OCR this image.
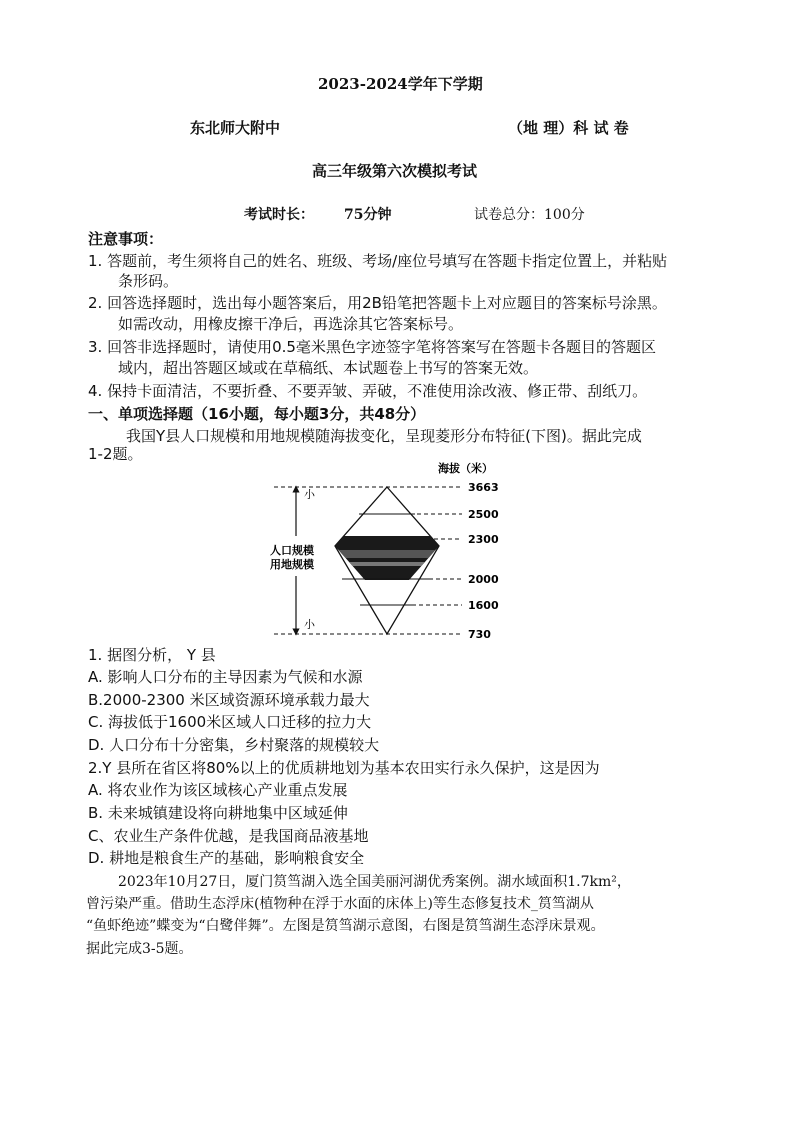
2023-2024学年下学期
东北师大附中	（地 理）科 试 卷
高三年级第六次模拟考试
考试时长： 75分钟	试卷总分：100分
注意事项：
1. 答题前，考生须将自己的姓名、班级、考场/座位号填写在答题卡指定位置上，并粘贴
条形码。
2. 回答选择题时，选出每小题答案后，用2B铅笔把答题卡上对应题目的答案标号涂黑。
如需改动，用橡皮擦干净后，再选涂其它答案标号。
3. 回答非选择题时，请使用0.5毫米黑色字迹签字笔将答案写在答题卡各题目的答题区
域内，超出答题区域或在草稿纸、本试题卷上书写的答案无效。
4. 保持卡面清洁，不要折叠、不要弄皱、弄破，不准使用涂改液、修正带、刮纸刀。
一、单项选择题（16小题，每小题3分，共48分）
我国Y县人口规模和用地规模随海拔变化，呈现菱形分布特征(下图)。据此完成
1-2题。
海拔（米）
小
小
人口规模
用地规模
3663
2500
2300
2000
1600
730
1. 据图分析， Y 县
A. 影响人口分布的主导因素为气候和水源
B.2000-2300 米区域资源环境承载力最大
C. 海拔低于1600米区域人口迁移的拉力大
D. 人口分布十分密集，乡村聚落的规模较大
2.Y 县所在省区将80%以上的优质耕地划为基本农田实行永久保护，这是因为
A. 将农业作为该区域核心产业重点发展
B. 未来城镇建设将向耕地集中区域延伸
C、农业生产条件优越，是我国商品液基地
D. 耕地是粮食生产的基础，影响粮食安全
2023年10月27日，厦门筼筜湖入选全国美丽河湖优秀案例。湖水域面积1.7km²，
曾污染严重。借助生态浮床(植物种在浮于水面的床体上)等生态修复技术_筼筜湖从
“鱼虾绝迹”蝶变为“白鹭伴舞”。左图是筼筜湖示意图，右图是筼筜湖生态浮床景观。
据此完成3-5题。
